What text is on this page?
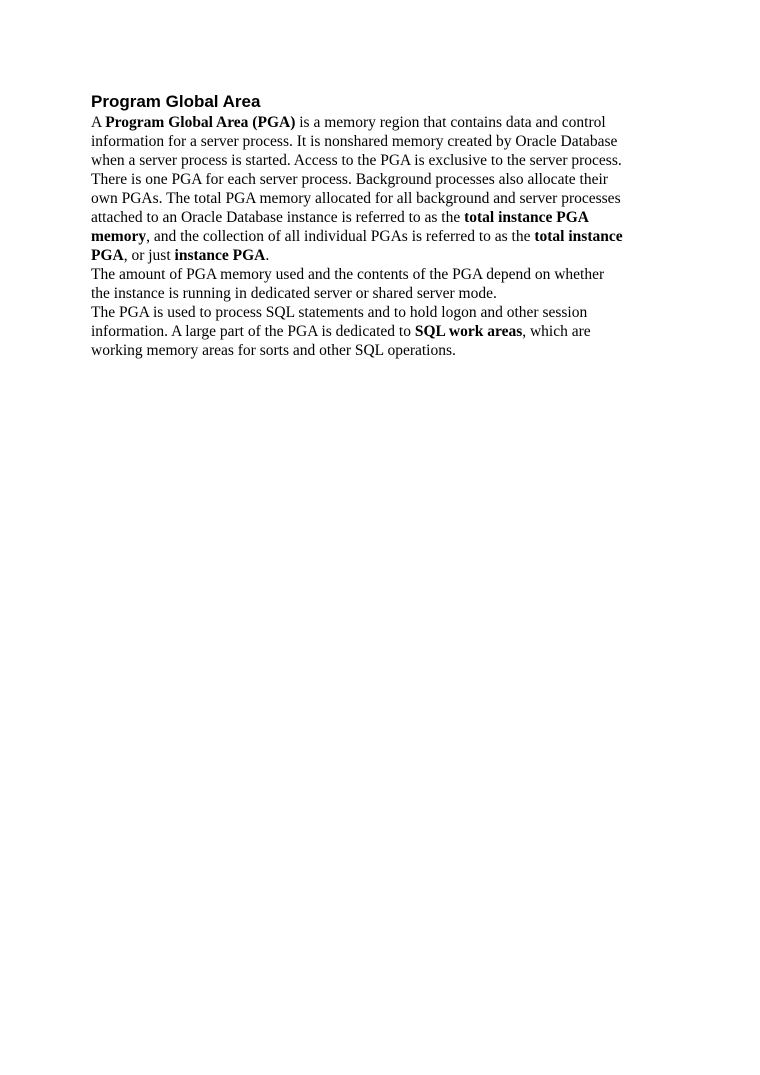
Program Global Area
A Program Global Area (PGA) is a memory region that contains data and control
information for a server process. It is nonshared memory created by Oracle Database
when a server process is started. Access to the PGA is exclusive to the server process.
There is one PGA for each server process. Background processes also allocate their
own PGAs. The total PGA memory allocated for all background and server processes
attached to an Oracle Database instance is referred to as the total instance PGA
memory, and the collection of all individual PGAs is referred to as the total instance
PGA, or just instance PGA.
The amount of PGA memory used and the contents of the PGA depend on whether
the instance is running in dedicated server or shared server mode.
The PGA is used to process SQL statements and to hold logon and other session
information. A large part of the PGA is dedicated to SQL work areas, which are
working memory areas for sorts and other SQL operations.
